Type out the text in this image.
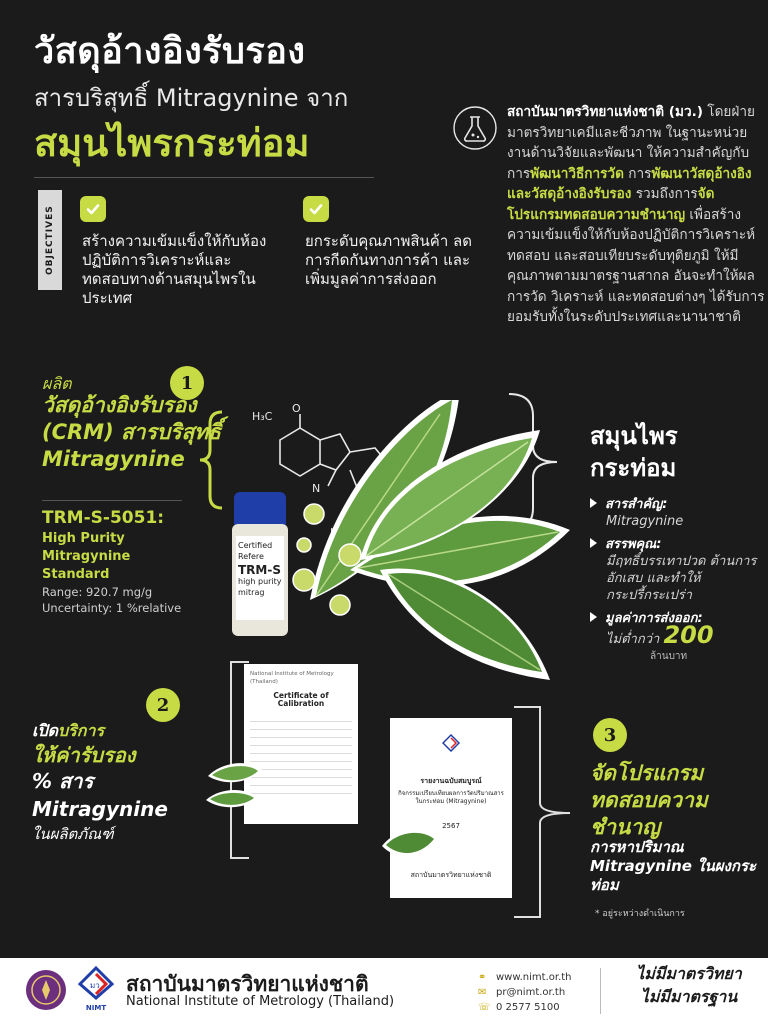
วัสดุอ้างอิงรับรอง
สารบริสุทธิ์ Mitragynine จาก
สมุนไพรกระท่อม
OBJECTIVES	สร้างความเข้มแข็งให้กับห้องปฏิบัติการวิเคราะห์และทดสอบทางด้านสมุนไพรในประเทศ
ยกระดับคุณภาพสินค้า ลดการกีดกันทางการค้า และเพิ่มมูลค่าการส่งออก
สถาบันมาตรวิทยาแห่งชาติ (มว.) โดยฝ่ายมาตรวิทยาเคมีและชีวภาพ ในฐานะหน่วยงานด้านวิจัยและพัฒนา ให้ความสำคัญกับการพัฒนาวิธีการวัด การพัฒนาวัสดุอ้างอิงและวัสดุอ้างอิงรับรอง รวมถึงการจัดโปรแกรมทดสอบความชำนาญ เพื่อสร้างความเข้มแข็งให้กับห้องปฏิบัติการวิเคราะห์ ทดสอบ และสอบเทียบระดับทุติยภูมิ ให้มีคุณภาพตามมาตรฐานสากล อันจะทำให้ผลการวัด วิเคราะห์ และทดสอบต่างๆ ได้รับการยอมรับทั้งในระดับประเทศและนานาชาติ
1
ผลิต
วัสดุอ้างอิงรับรอง (CRM) สารบริสุทธิ์ Mitragynine
TRM-S-5051:
High Purity Mitragynine Standard
Range: 920.7 mg/g
Uncertainty: 1 %relative
H₃C
O
N
Certified Refere
TRM-S
high purity mitrag
สมุนไพร
กระท่อม
สารสำคัญ:
Mitragynine
สรรพคุณ:
มีฤทธิ์บรรเทาปวด ต้านการอักเสบ และทำให้กระปรี้กระเปร่า
มูลค่าการส่งออก:
ไม่ต่ำกว่า 200
ล้านบาท
2
เปิดบริการ
ให้ค่ารับรอง
% สาร
Mitragynine
ในผลิตภัณฑ์
National Institute of Metrology (Thailand)
Certificate of Calibration
3
รายงานฉบับสมบูรณ์
กิจกรรมเปรียบเทียบผลการวัดปริมาณสารในกระท่อม (Mitragynine)
2567
สถาบันมาตรวิทยาแห่งชาติ
จัดโปรแกรมทดสอบความชำนาญ
การหาปริมาณ Mitragynine ในผงกระท่อม
* อยู่ระหว่างดำเนินการ
มว
NIMT
สถาบันมาตรวิทยาแห่งชาติ
National Institute of Metrology (Thailand)
⚭ www.nimt.or.th
✉ pr@nimt.or.th
☏ 0 2577 5100
ไม่มีมาตรวิทยา
ไม่มีมาตรฐาน
